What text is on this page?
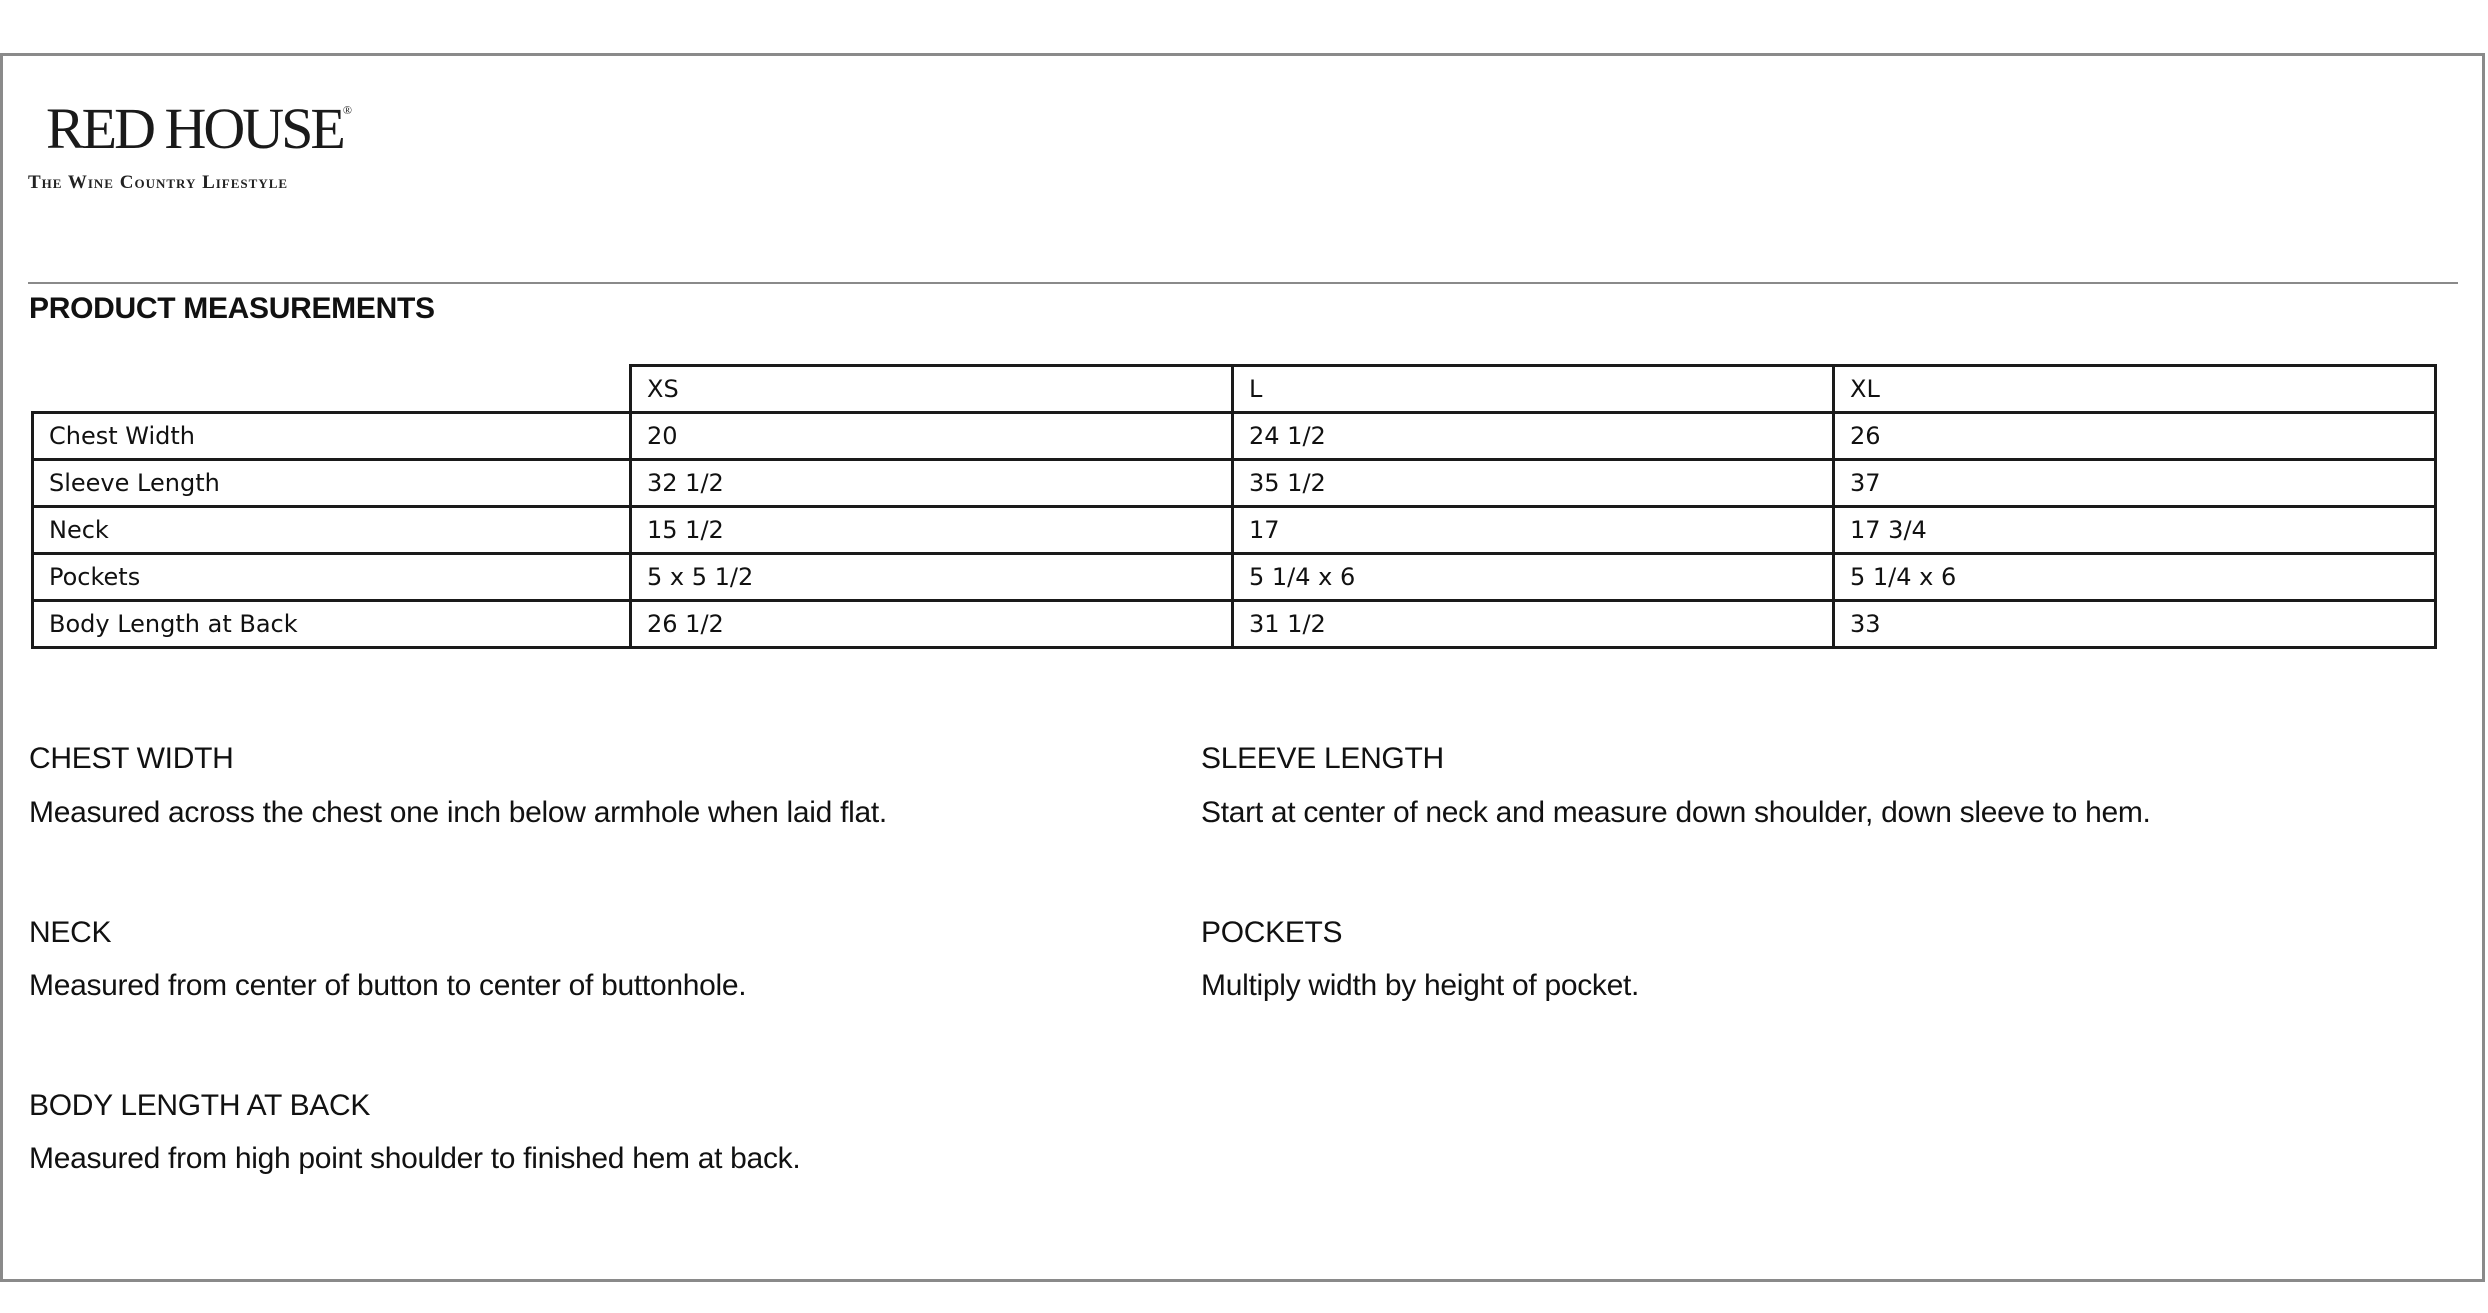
RED HOUSE®
The Wine Country Lifestyle
PRODUCT MEASUREMENTS
	XS	L	XL
Chest Width	20	24 1/2	26
Sleeve Length	32 1/2	35 1/2	37
Neck	15 1/2	17	17 3/4
Pockets	5 x 5 1/2	5 1/4 x 6	5 1/4 x 6
Body Length at Back	26 1/2	31 1/2	33
CHEST WIDTH
Measured across the chest one inch below armhole when laid flat.
SLEEVE LENGTH
Start at center of neck and measure down shoulder, down sleeve to hem.
NECK
Measured from center of button to center of buttonhole.
POCKETS
Multiply width by height of pocket.
BODY LENGTH AT BACK
Measured from high point shoulder to finished hem at back.
